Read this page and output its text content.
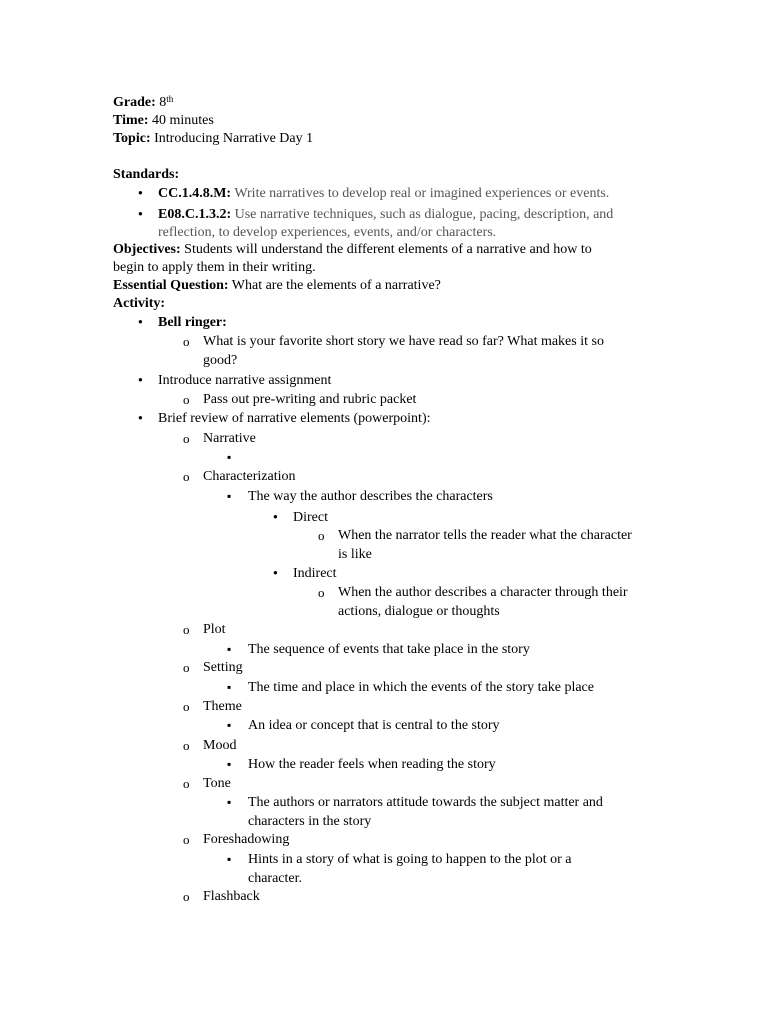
Grade: 8th
Time: 40 minutes
Topic: Introducing Narrative Day 1
Standards:
●
CC.1.4.8.M: Write narratives to develop real or imagined experiences or events.
●
E08.C.1.3.2: Use narrative techniques, such as dialogue, pacing, description, and
reflection, to develop experiences, events, and/or characters.
Objectives: Students will understand the different elements of a narrative and how to
begin to apply them in their writing.
Essential Question: What are the elements of a narrative?
Activity:
●
Bell ringer:
o
What is your favorite short story we have read so far? What makes it so
good?
●
Introduce narrative assignment
o
Pass out pre-writing and rubric packet
●
Brief review of narrative elements (powerpoint):
o
Narrative
▪
o
Characterization
▪
The way the author describes the characters
●
Direct
o
When the narrator tells the reader what the character
is like
●
Indirect
o
When the author describes a character through their
actions, dialogue or thoughts
o
Plot
▪
The sequence of events that take place in the story
o
Setting
▪
The time and place in which the events of the story take place
o
Theme
▪
An idea or concept that is central to the story
o
Mood
▪
How the reader feels when reading the story
o
Tone
▪
The authors or narrators attitude towards the subject matter and
characters in the story
o
Foreshadowing
▪
Hints in a story of what is going to happen to the plot or a
character.
o
Flashback
